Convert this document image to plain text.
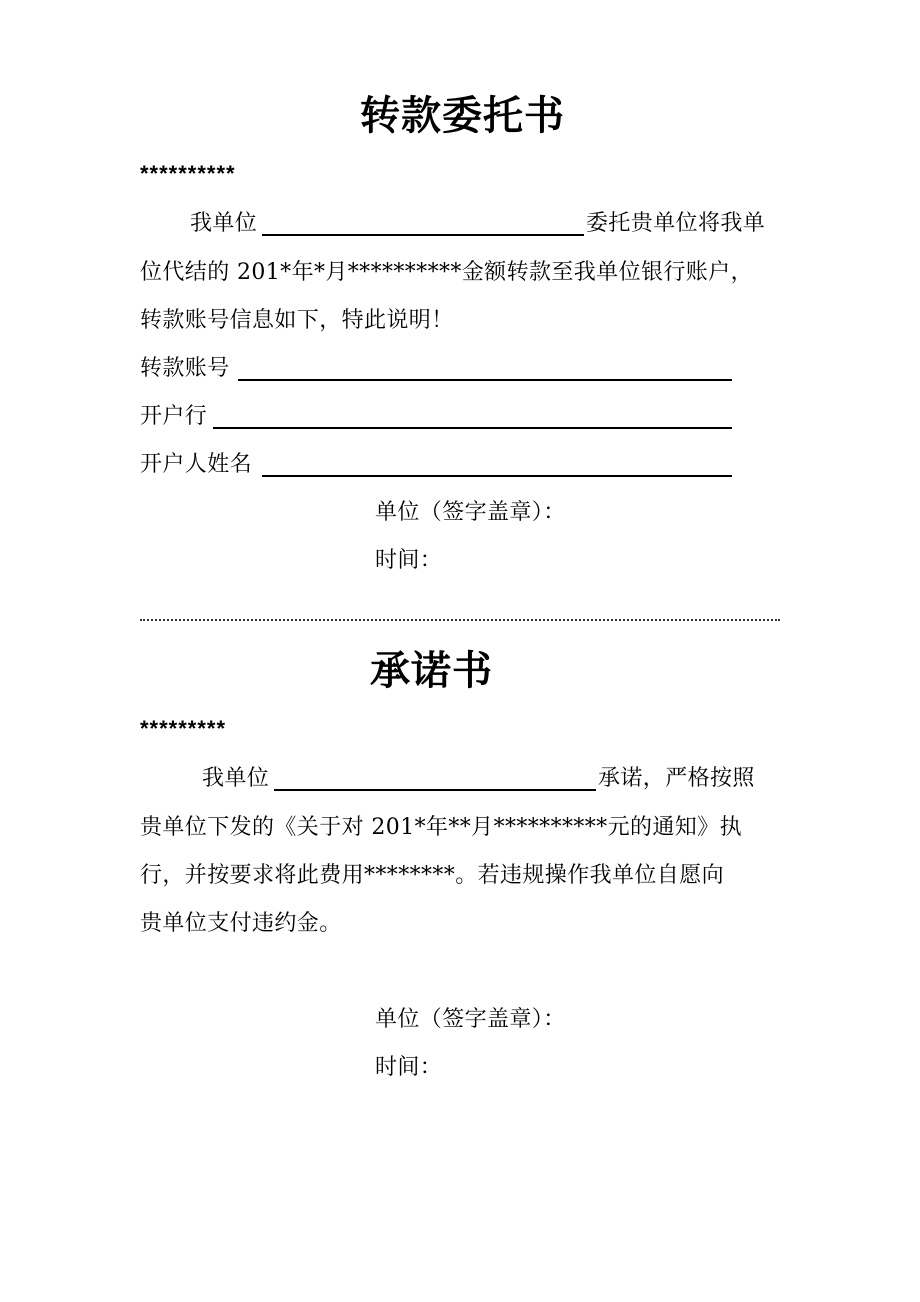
转款委托书
**********
我单位	委托贵单位将我单
位代结的 201*年*月**********金额转款至我单位银行账户，
转款账号信息如下，特此说明！
转款账号
开户行
开户人姓名
单位（签字盖章）：
时间：
承诺书
*********
我单位	承诺，严格按照
贵单位下发的《关于对 201*年**月**********元的通知》执
行，并按要求将此费用********。若违规操作我单位自愿向
贵单位支付违约金。
单位（签字盖章）：
时间：
